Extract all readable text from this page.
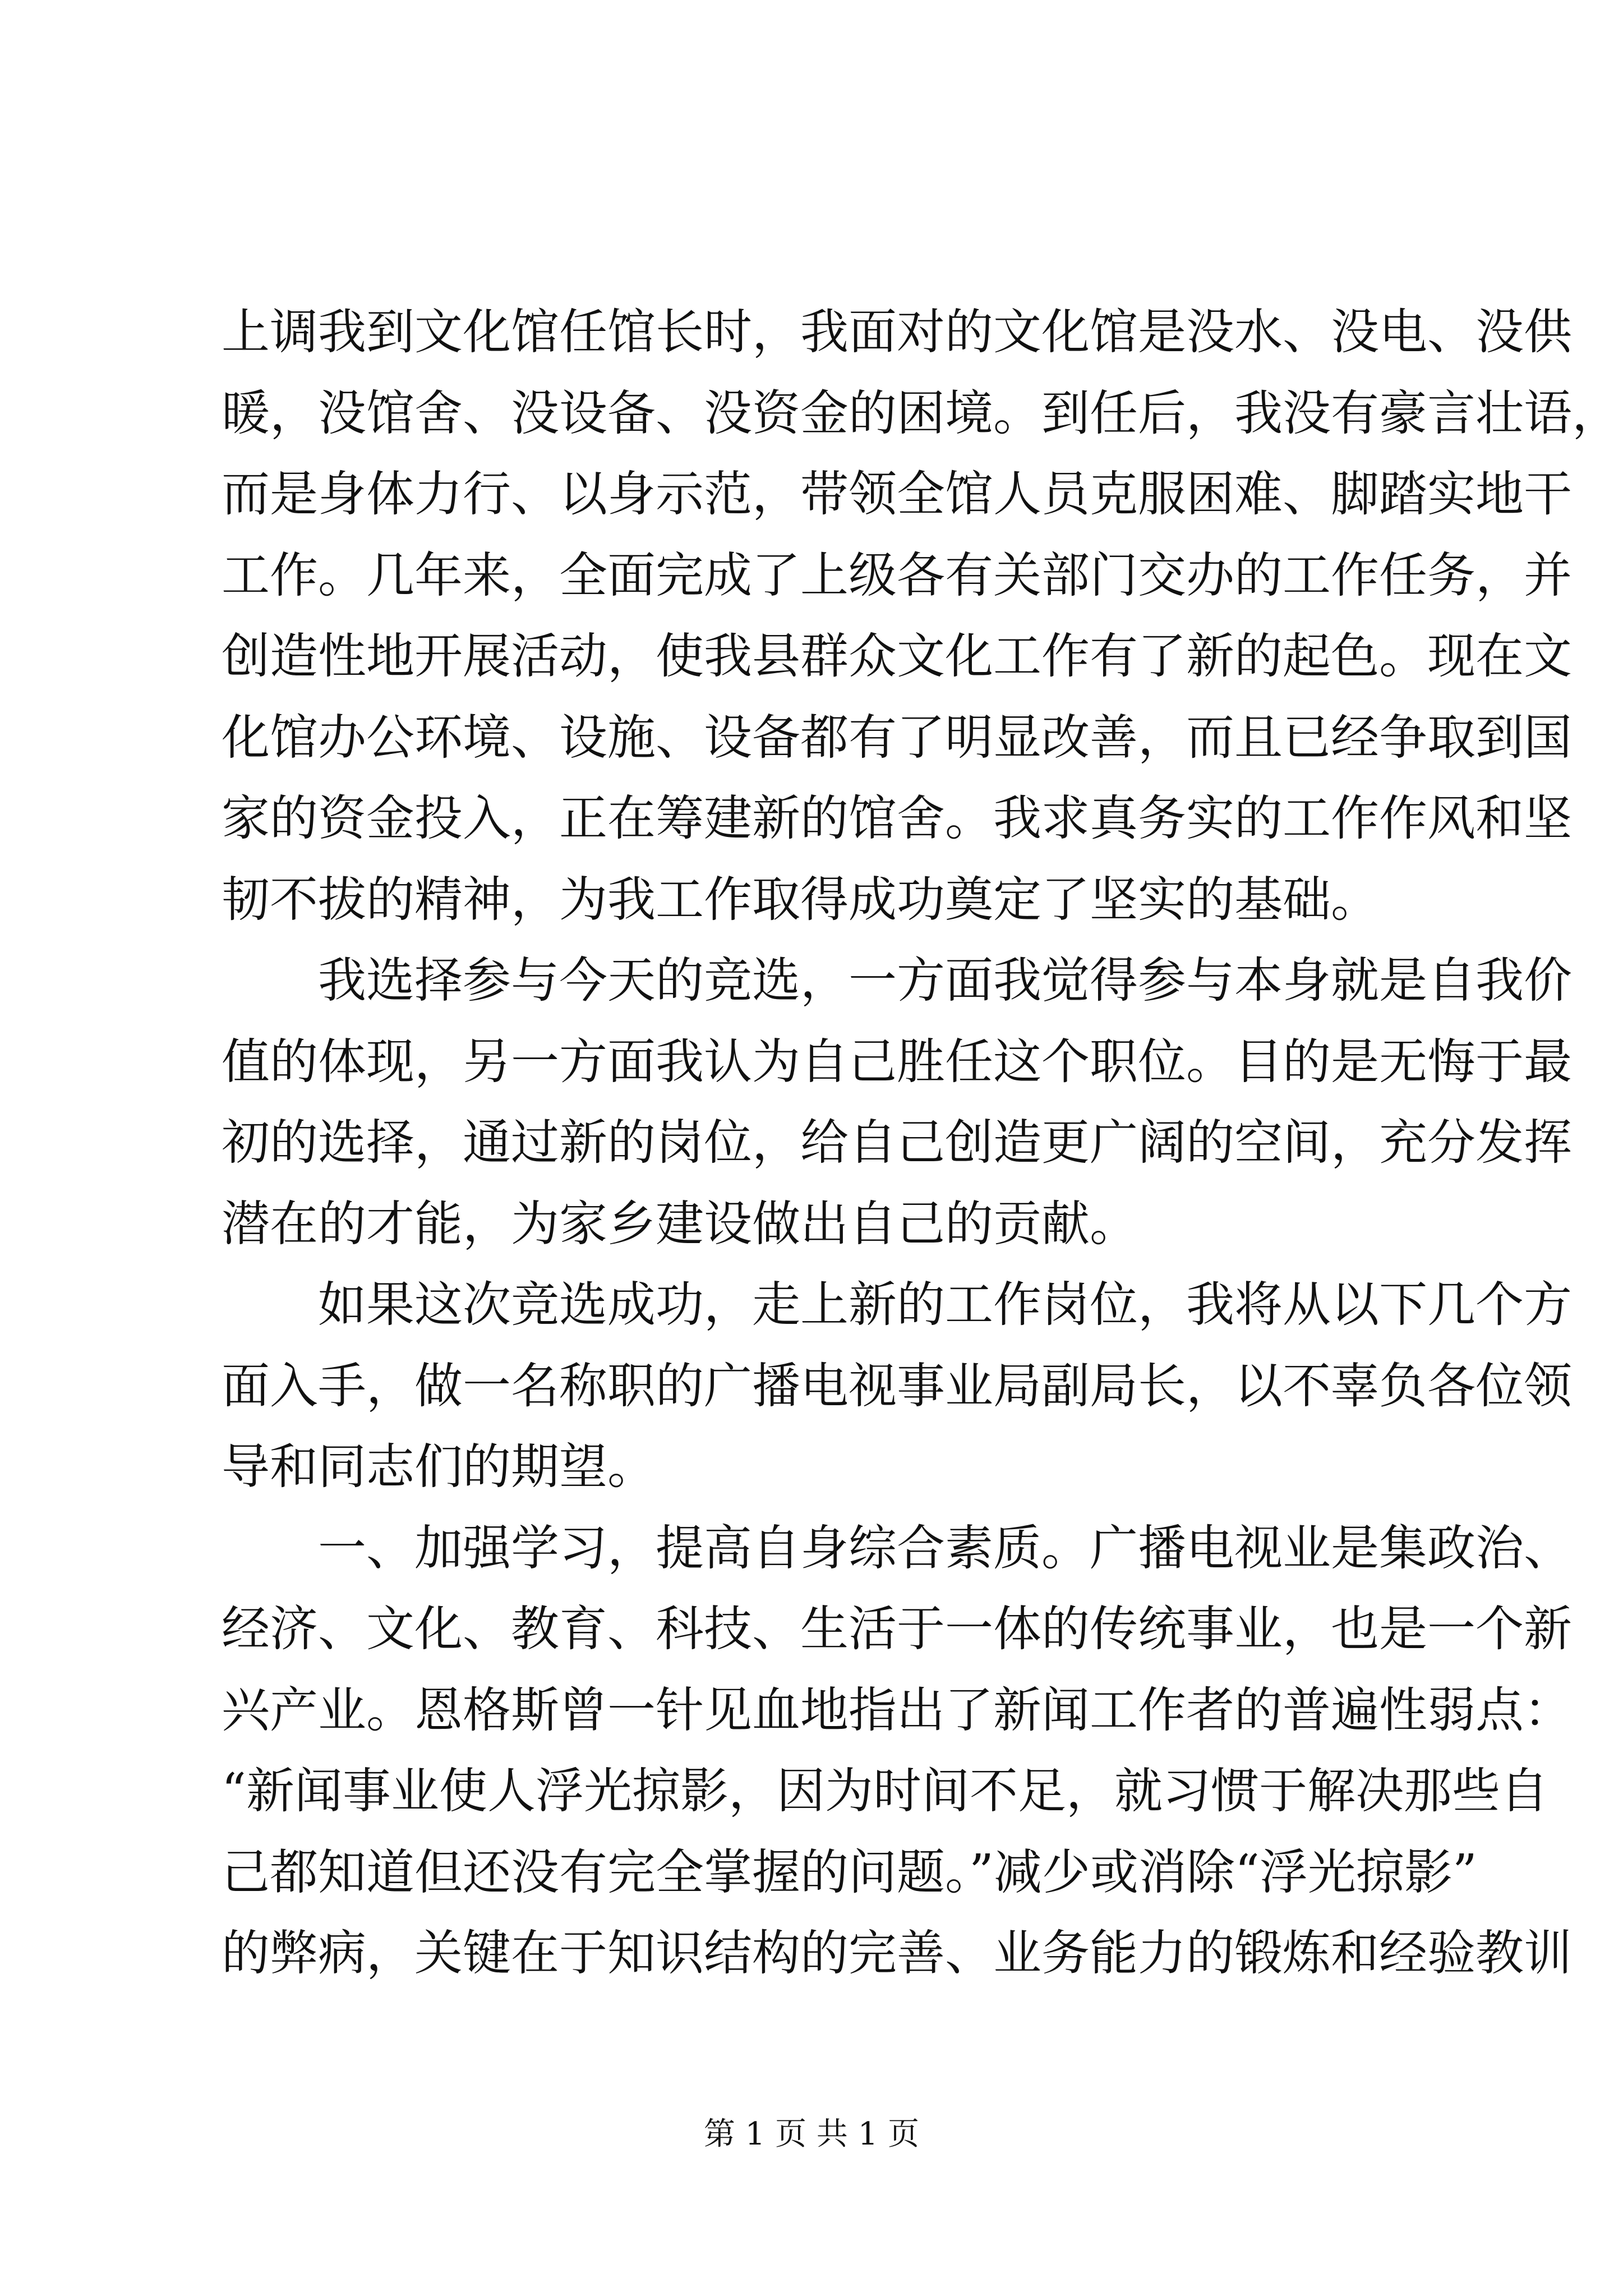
上调我到文化馆任馆长时，我面对的文化馆是没水、没电、没供
暖，没馆舍、没设备、没资金的困境。到任后，我没有豪言壮语，
而是身体力行、以身示范，带领全馆人员克服困难、脚踏实地干
工作。几年来，全面完成了上级各有关部门交办的工作任务，并
创造性地开展活动，使我县群众文化工作有了新的起色。现在文
化馆办公环境、设施、设备都有了明显改善，而且已经争取到国
家的资金投入，正在筹建新的馆舍。我求真务实的工作作风和坚
韧不拔的精神，为我工作取得成功奠定了坚实的基础。
我选择参与今天的竞选，一方面我觉得参与本身就是自我价
值的体现，另一方面我认为自己胜任这个职位。目的是无悔于最
初的选择，通过新的岗位，给自己创造更广阔的空间，充分发挥
潜在的才能，为家乡建设做出自己的贡献。
如果这次竞选成功，走上新的工作岗位，我将从以下几个方
面入手，做一名称职的广播电视事业局副局长，以不辜负各位领
导和同志们的期望。
一、加强学习，提高自身综合素质。广播电视业是集政治、
经济、文化、教育、科技、生活于一体的传统事业，也是一个新
兴产业。恩格斯曾一针见血地指出了新闻工作者的普遍性弱点：
“新闻事业使人浮光掠影，因为时间不足，就习惯于解决那些自
己都知道但还没有完全掌握的问题。”减少或消除“浮光掠影”
的弊病，关键在于知识结构的完善、业务能力的锻炼和经验教训
第 1 页 共 1 页
